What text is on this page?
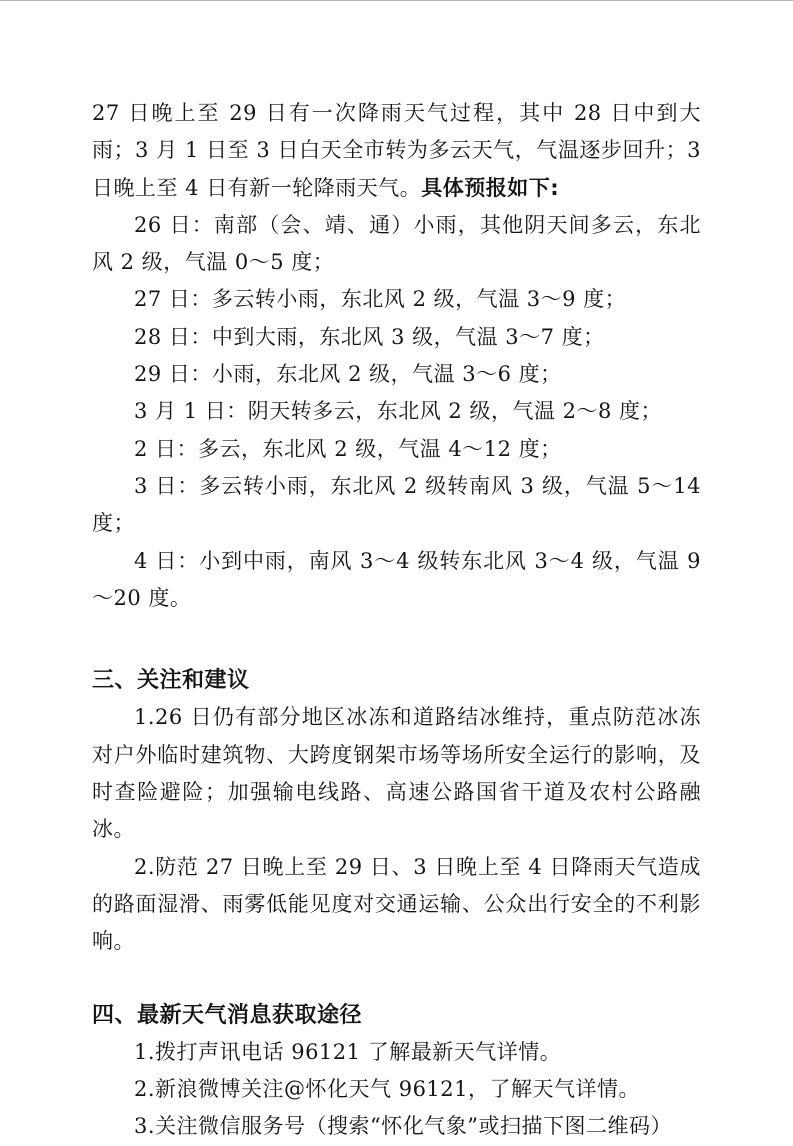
27 日晚上至 29 日有一次降雨天气过程，其中 28 日中到大雨；3 月 1 日至 3 日白天全市转为多云天气，气温逐步回升；3 日晚上至 4 日有新一轮降雨天气。具体预报如下:

26 日：南部（会、靖、通）小雨，其他阴天间多云，东北风 2 级，气温 0～5 度；

27 日：多云转小雨，东北风 2 级，气温 3～9 度；

28 日：中到大雨，东北风 3 级，气温 3～7 度；

29 日：小雨，东北风 2 级，气温 3～6 度；

3 月 1 日：阴天转多云，东北风 2 级，气温 2～8 度；

2 日：多云，东北风 2 级，气温 4～12 度；

3 日：多云转小雨，东北风 2 级转南风 3 级，气温 5～14 度；

4 日：小到中雨，南风 3～4 级转东北风 3～4 级，气温 9～20 度。

三、关注和建议

1.26 日仍有部分地区冰冻和道路结冰维持，重点防范冰冻对户外临时建筑物、大跨度钢架市场等场所安全运行的影响，及时查险避险；加强输电线路、高速公路国省干道及农村公路融冰。

2.防范 27 日晚上至 29 日、3 日晚上至 4 日降雨天气造成的路面湿滑、雨雾低能见度对交通运输、公众出行安全的不利影响。

四、最新天气消息获取途径

1.拨打声讯电话 96121 了解最新天气详情。

2.新浪微博关注@怀化天气 96121，了解天气详情。

3.关注微信服务号（搜索“怀化气象”或扫描下图二维码）
